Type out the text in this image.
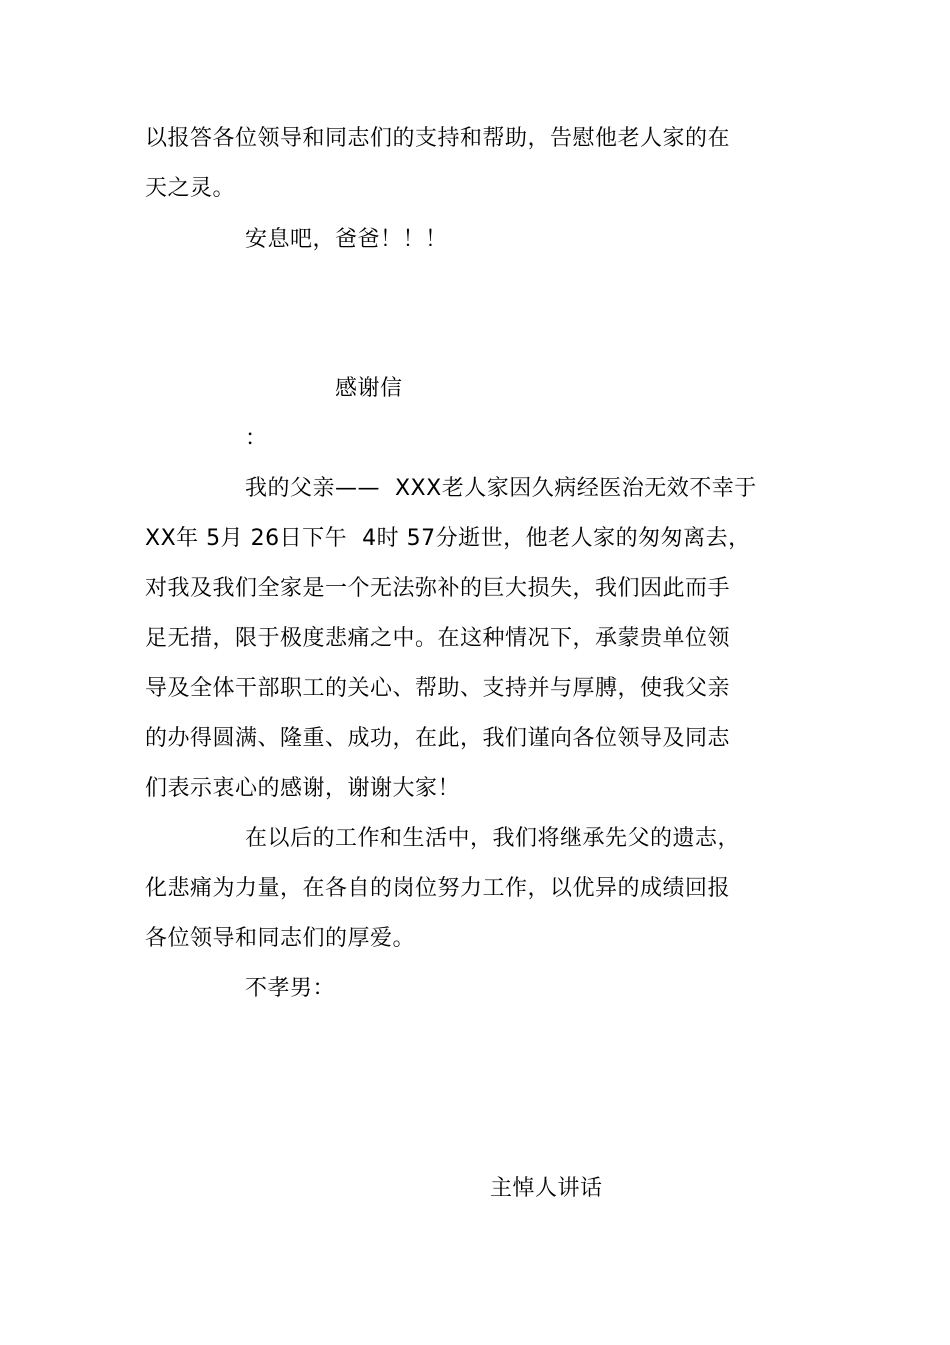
以报答各位领导和同志们的支持和帮助，告慰他老人家的在
天之灵。
安息吧，爸爸！！！
感谢信
：
我的父亲——  XXX老人家因久病经医治无效不幸于
XX年 5月 26日下午  4时 57分逝世，他老人家的匆匆离去，
对我及我们全家是一个无法弥补的巨大损失，我们因此而手
足无措，限于极度悲痛之中。在这种情况下，承蒙贵单位领
导及全体干部职工的关心、帮助、支持并与厚膊，使我父亲
的办得圆满、隆重、成功，在此，我们谨向各位领导及同志
们表示衷心的感谢，谢谢大家！
在以后的工作和生活中，我们将继承先父的遗志，
化悲痛为力量，在各自的岗位努力工作，以优异的成绩回报
各位领导和同志们的厚爱。
不孝男：
主悼人讲话
